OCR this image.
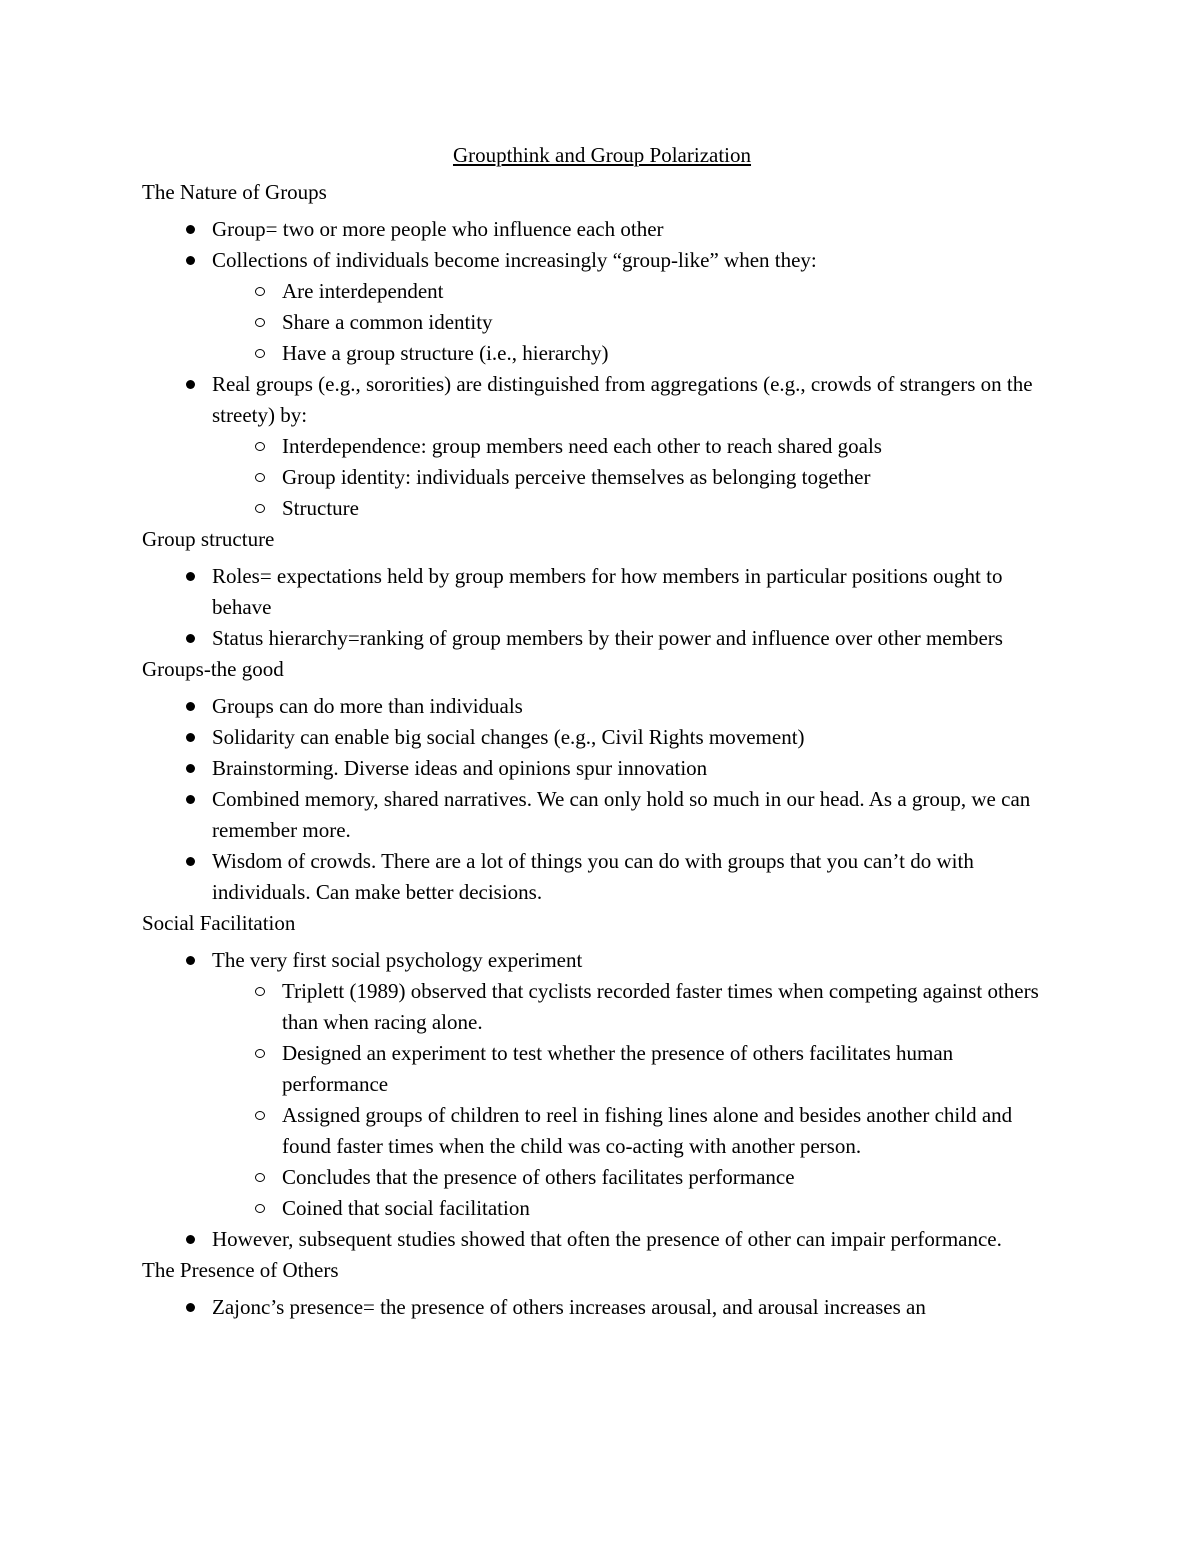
Groupthink and Group Polarization
The Nature of Groups
Group= two or more people who influence each other
Collections of individuals become increasingly “group-like” when they:
Are interdependent
Share a common identity
Have a group structure (i.e., hierarchy)
Real groups (e.g., sororities) are distinguished from aggregations (e.g., crowds of strangers on the streety) by:
Interdependence: group members need each other to reach shared goals
Group identity: individuals perceive themselves as belonging together
Structure
Group structure
Roles= expectations held by group members for how members in particular positions ought to behave
Status hierarchy=ranking of group members by their power and influence over other members
Groups-the good
Groups can do more than individuals
Solidarity can enable big social changes (e.g., Civil Rights movement)
Brainstorming. Diverse ideas and opinions spur innovation
Combined memory, shared narratives. We can only hold so much in our head. As a group, we can remember more.
Wisdom of crowds. There are a lot of things you can do with groups that you can’t do with individuals. Can make better decisions.
Social Facilitation
The very first social psychology experiment
Triplett (1989) observed that cyclists recorded faster times when competing against others than when racing alone.
Designed an experiment to test whether the presence of others facilitates human performance
Assigned groups of children to reel in fishing lines alone and besides another child and found faster times when the child was co-acting with another person.
Concludes that the presence of others facilitates performance
Coined that social facilitation
However, subsequent studies showed that often the presence of other can impair performance.
The Presence of Others
Zajonc’s presence= the presence of others increases arousal, and arousal increases an
